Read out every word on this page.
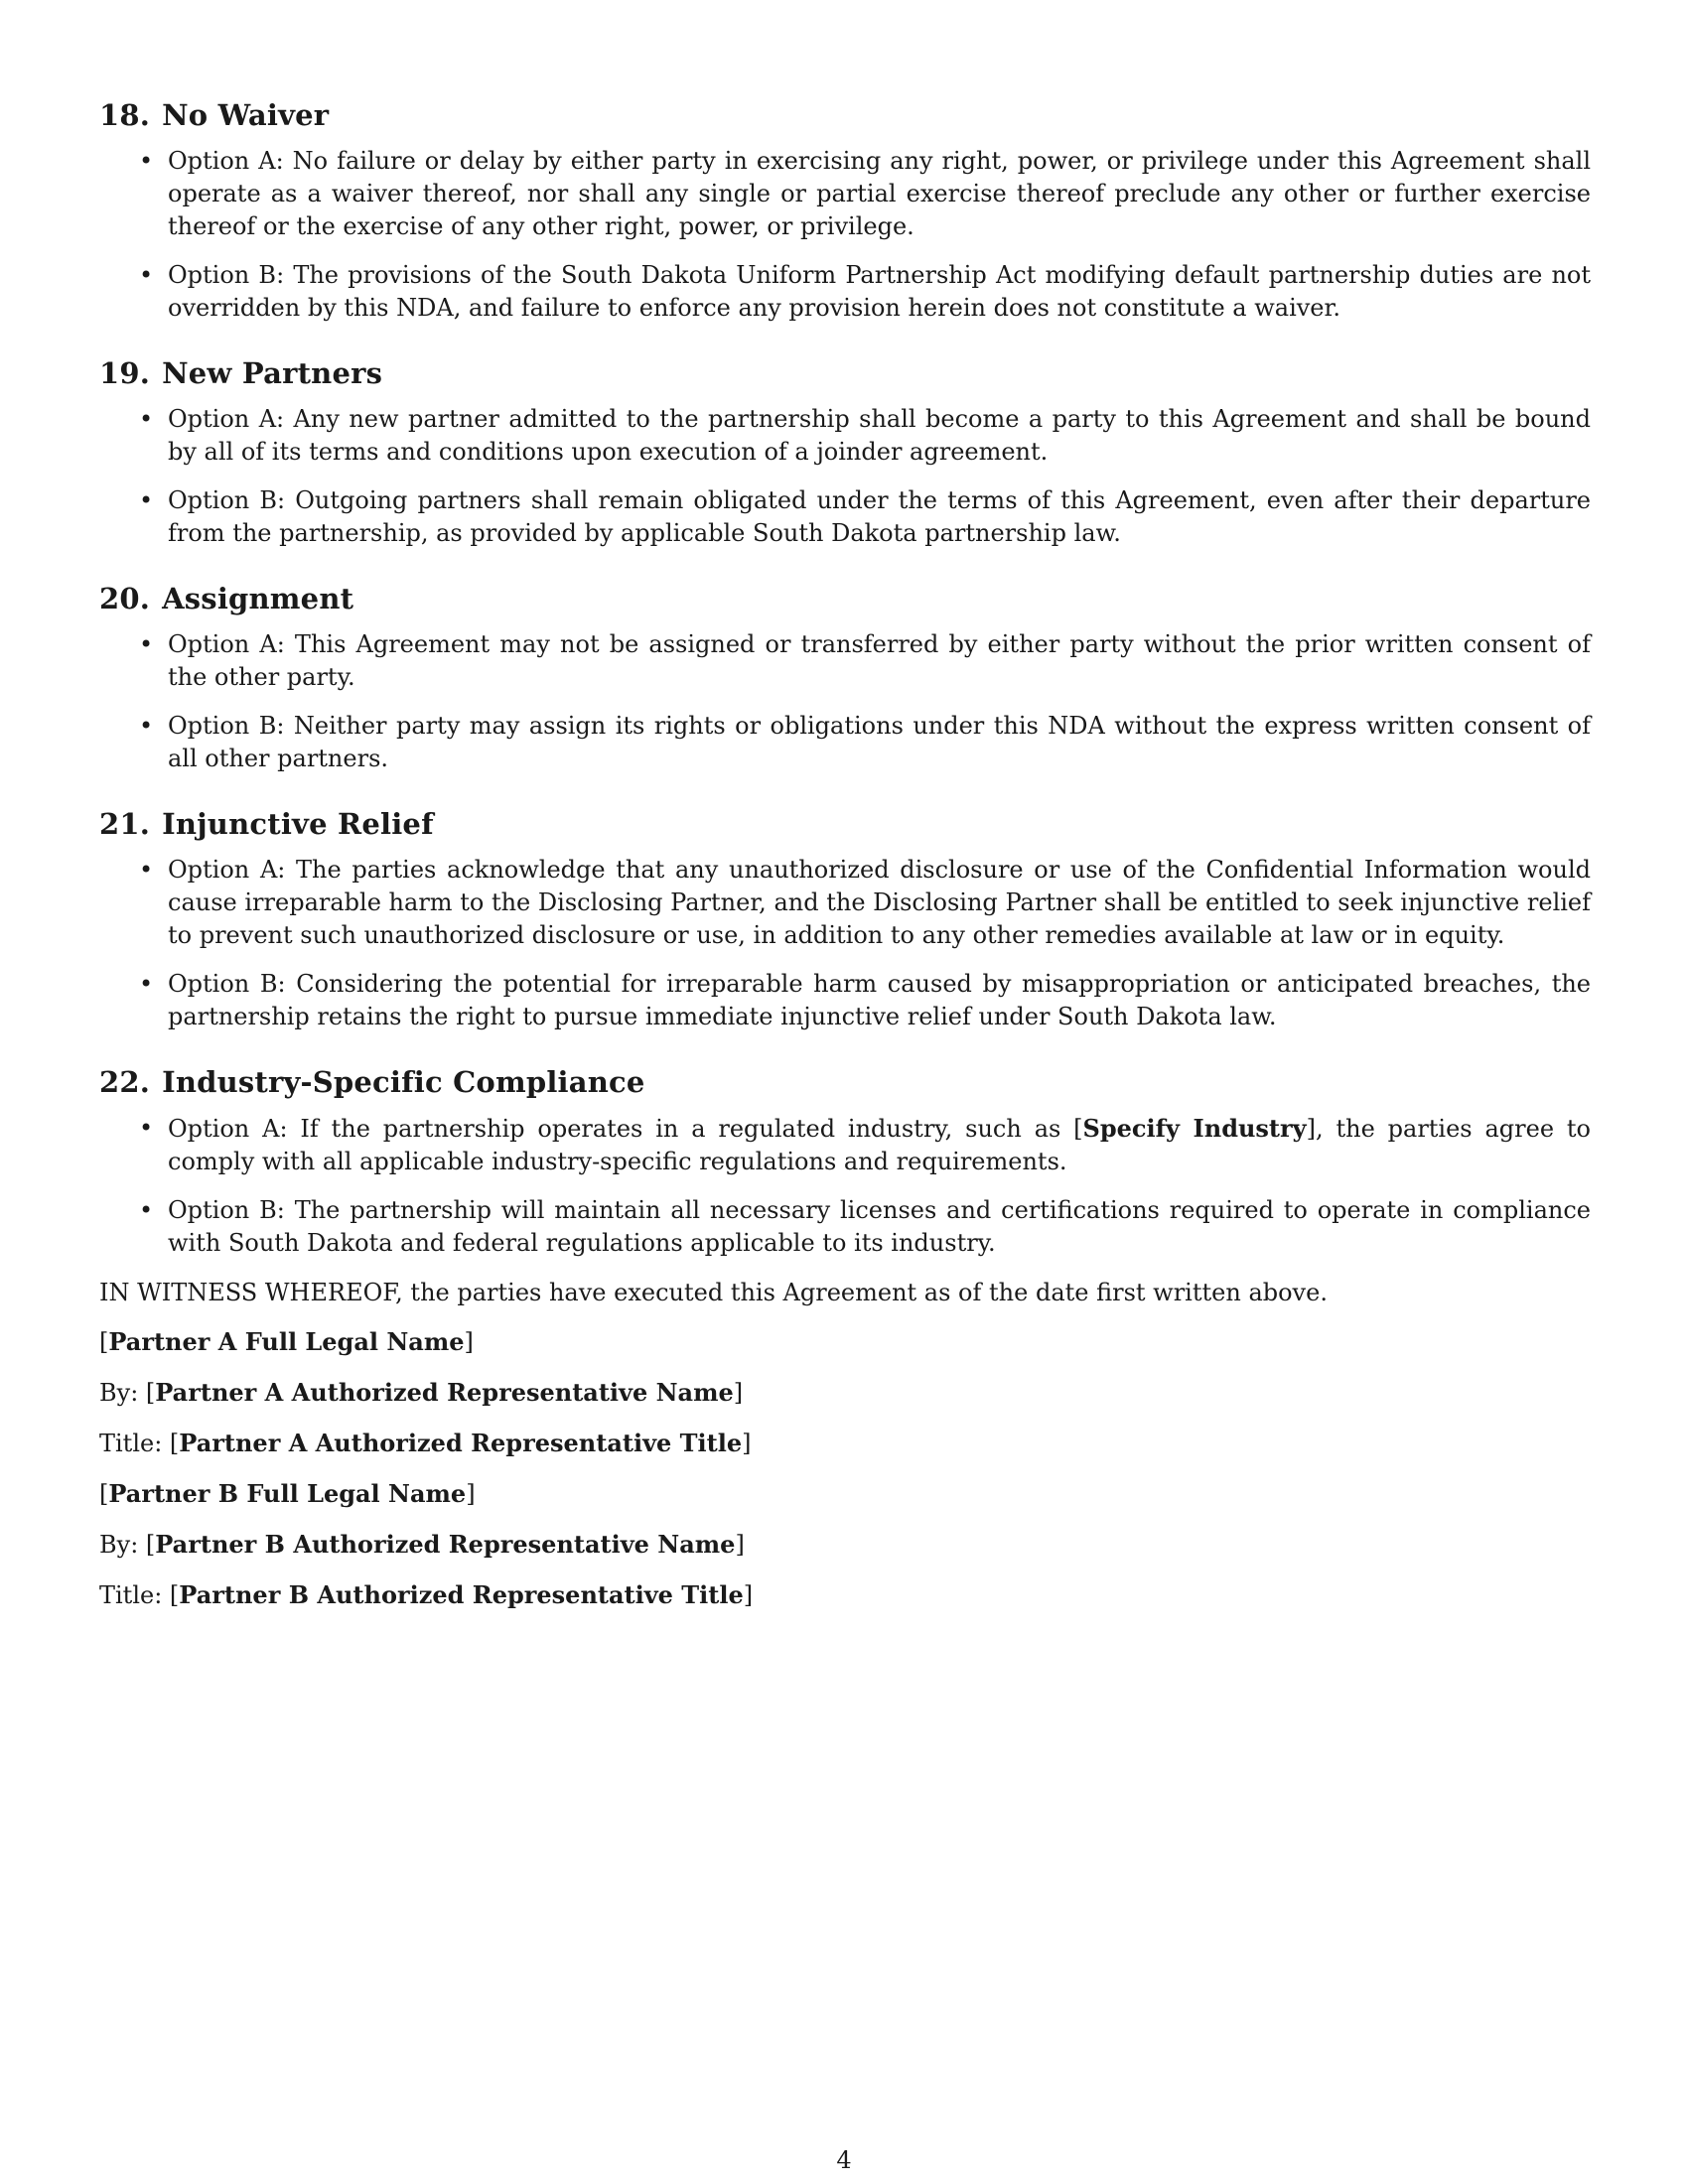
18. No Waiver
• Option A: No failure or delay by either party in exercising any right, power, or privilege under this Agreement shall operate as a waiver thereof, nor shall any single or partial exercise thereof preclude any other or further exercise thereof or the exercise of any other right, power, or privilege.
• Option B: The provisions of the South Dakota Uniform Partnership Act modifying default partnership duties are not overridden by this NDA, and failure to enforce any provision herein does not constitute a waiver.
19. New Partners
• Option A: Any new partner admitted to the partnership shall become a party to this Agreement and shall be bound by all of its terms and conditions upon execution of a joinder agreement.
• Option B: Outgoing partners shall remain obligated under the terms of this Agreement, even after their departure from the partnership, as provided by applicable South Dakota partnership law.
20. Assignment
• Option A: This Agreement may not be assigned or transferred by either party without the prior written consent of the other party.
• Option B: Neither party may assign its rights or obligations under this NDA without the express written consent of all other partners.
21. Injunctive Relief
• Option A: The parties acknowledge that any unauthorized disclosure or use of the Confidential Information would cause irreparable harm to the Disclosing Partner, and the Disclosing Partner shall be entitled to seek injunctive relief to prevent such unauthorized disclosure or use, in addition to any other remedies available at law or in equity.
• Option B: Considering the potential for irreparable harm caused by misappropriation or anticipated breaches, the partnership retains the right to pursue immediate injunctive relief under South Dakota law.
22. Industry-Specific Compliance
• Option A: If the partnership operates in a regulated industry, such as [Specify Industry], the parties agree to comply with all applicable industry-specific regulations and requirements.
• Option B: The partnership will maintain all necessary licenses and certifications required to operate in compliance with South Dakota and federal regulations applicable to its industry.

IN WITNESS WHEREOF, the parties have executed this Agreement as of the date first written above.

[Partner A Full Legal Name]

By: [Partner A Authorized Representative Name]

Title: [Partner A Authorized Representative Title]

[Partner B Full Legal Name]

By: [Partner B Authorized Representative Name]

Title: [Partner B Authorized Representative Title]

4
